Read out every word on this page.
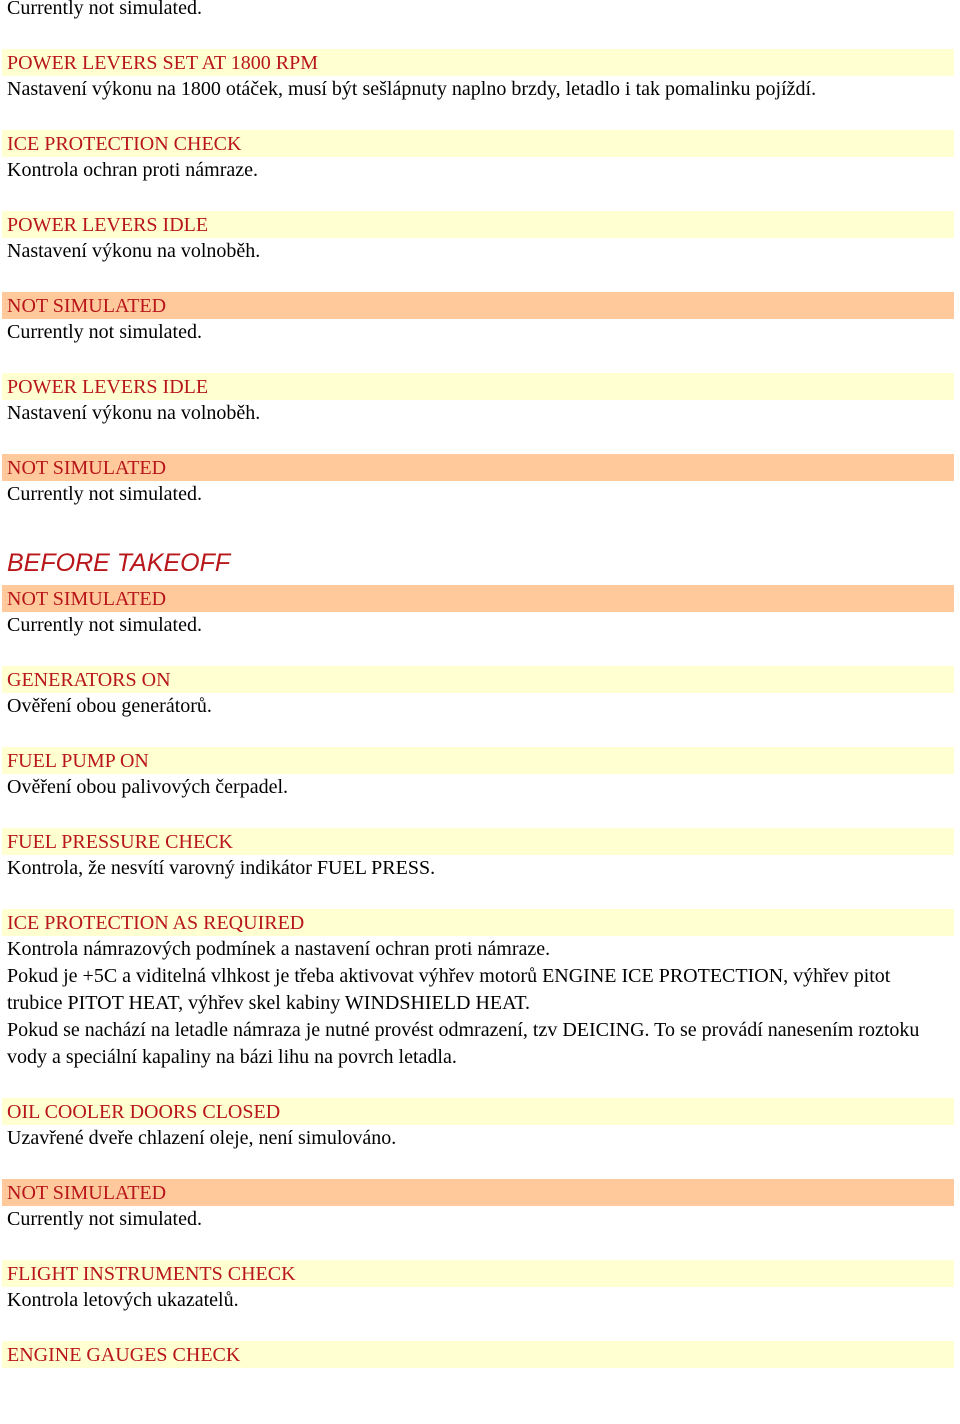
Currently not simulated.
POWER LEVERS SET AT 1800 RPM
Nastavení výkonu na 1800 otáček, musí být sešlápnuty naplno brzdy, letadlo i tak pomalinku pojíždí.
ICE PROTECTION CHECK
Kontrola ochran proti námraze.
POWER LEVERS IDLE
Nastavení výkonu na volnoběh.
NOT SIMULATED
Currently not simulated.
POWER LEVERS IDLE
Nastavení výkonu na volnoběh.
NOT SIMULATED
Currently not simulated.
BEFORE TAKEOFF
NOT SIMULATED
Currently not simulated.
GENERATORS ON
Ověření obou generátorů.
FUEL PUMP ON
Ověření obou palivových čerpadel.
FUEL PRESSURE CHECK
Kontrola, že nesvítí varovný indikátor FUEL PRESS.
ICE PROTECTION AS REQUIRED
Kontrola námrazových podmínek a nastavení ochran proti námraze.
Pokud je +5C a viditelná vlhkost je třeba aktivovat výhřev motorů ENGINE ICE PROTECTION, výhřev pitot trubice PITOT HEAT, výhřev skel kabiny WINDSHIELD HEAT.
Pokud se nachází na letadle námraza je nutné provést odmrazení, tzv DEICING. To se provádí nanesením roztoku vody a speciální kapaliny na bázi lihu na povrch letadla.
OIL COOLER DOORS CLOSED
Uzavřené dveře chlazení oleje, není simulováno.
NOT SIMULATED
Currently not simulated.
FLIGHT INSTRUMENTS CHECK
Kontrola letových ukazatelů.
ENGINE GAUGES CHECK
